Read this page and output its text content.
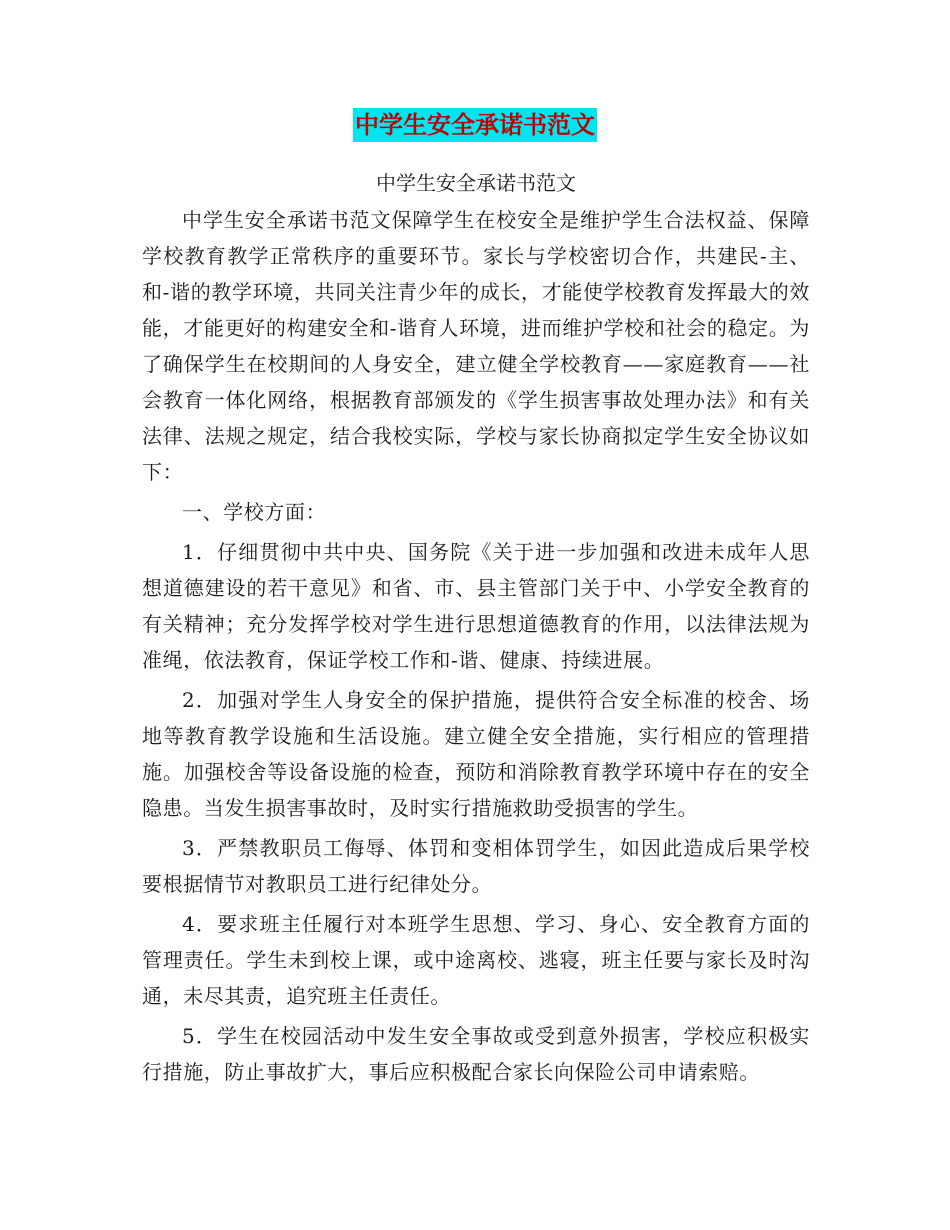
中学生安全承诺书范文
中学生安全承诺书范文

中学生安全承诺书范文保障学生在校安全是维护学生合法权益、保障学校教育教学正常秩序的重要环节。家长与学校密切合作，共建民-主、和-谐的教学环境，共同关注青少年的成长，才能使学校教育发挥最大的效能，才能更好的构建安全和-谐育人环境，进而维护学校和社会的稳定。为了确保学生在校期间的人身安全，建立健全学校教育——家庭教育——社会教育一体化网络，根据教育部颁发的《学生损害事故处理办法》和有关法律、法规之规定，结合我校实际，学校与家长协商拟定学生安全协议如下：

一、学校方面：

1．仔细贯彻中共中央、国务院《关于进一步加强和改进未成年人思想道德建设的若干意见》和省、市、县主管部门关于中、小学安全教育的有关精神；充分发挥学校对学生进行思想道德教育的作用，以法律法规为准绳，依法教育，保证学校工作和-谐、健康、持续进展。

2．加强对学生人身安全的保护措施，提供符合安全标准的校舍、场地等教育教学设施和生活设施。建立健全安全措施，实行相应的管理措施。加强校舍等设备设施的检查，预防和消除教育教学环境中存在的安全隐患。当发生损害事故时，及时实行措施救助受损害的学生。

3．严禁教职员工侮辱、体罚和变相体罚学生，如因此造成后果学校要根据情节对教职员工进行纪律处分。

4．要求班主任履行对本班学生思想、学习、身心、安全教育方面的管理责任。学生未到校上课，或中途离校、逃寝，班主任要与家长及时沟通，未尽其责，追究班主任责任。

5．学生在校园活动中发生安全事故或受到意外损害，学校应积极实行措施，防止事故扩大，事后应积极配合家长向保险公司申请索赔。
